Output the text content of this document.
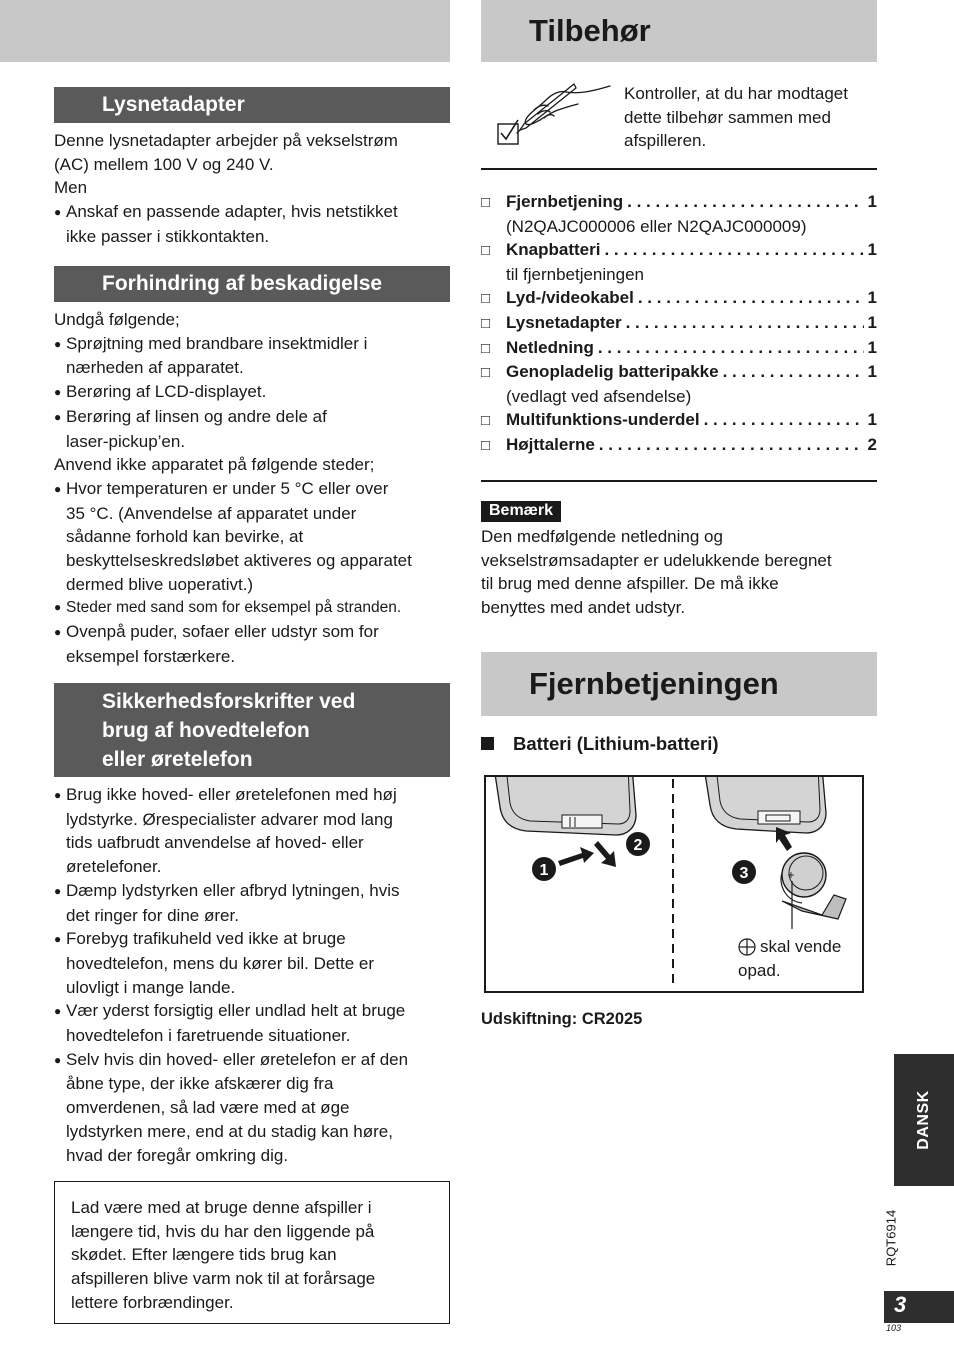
Tilbehør
Lysnetadapter
Denne lysnetadapter arbejder på vekselstrøm
(AC) mellem 100 V og 240 V.
Men
● Anskaf en passende adapter, hvis netstikket
ikke passer i stikkontakten.
Forhindring af beskadigelse
Undgå følgende;
● Sprøjtning med brandbare insektmidler i
nærheden af apparatet.
● Berøring af LCD-displayet.
● Berøring af linsen og andre dele af
laser-pickup’en.
Anvend ikke apparatet på følgende steder;
● Hvor temperaturen er under 5 °C eller over
35 °C. (Anvendelse af apparatet under
sådanne forhold kan bevirke, at
beskyttelseskredsløbet aktiveres og apparatet
dermed blive uoperativt.)
● Steder med sand som for eksempel på stranden.
● Ovenpå puder, sofaer eller udstyr som for
eksempel forstærkere.
Sikkerhedsforskrifter ved
brug af hovedtelefon
eller øretelefon
● Brug ikke hoved- eller øretelefonen med høj
lydstyrke. Ørespecialister advarer mod lang
tids uafbrudt anvendelse af hoved- eller
øretelefoner.
● Dæmp lydstyrken eller afbryd lytningen, hvis
det ringer for dine ører.
● Forebyg trafikuheld ved ikke at bruge
hovedtelefon, mens du kører bil. Dette er
ulovligt i mange lande.
● Vær yderst forsigtig eller undlad helt at bruge
hovedtelefon i faretruende situationer.
● Selv hvis din hoved- eller øretelefon er af den
åbne type, der ikke afskærer dig fra
omverdenen, så lad være med at øge
lydstyrken mere, end at du stadig kan høre,
hvad der foregår omkring dig.
Lad være med at bruge denne afspiller i
længere tid, hvis du har den liggende på
skødet. Efter længere tids brug kan
afspilleren blive varm nok til at forårsage
lettere forbrændinger.
Kontroller, at du har modtaget
dette tilbehør sammen med
afspilleren.
□ Fjernbetjening . . .	1
(N2QAJC000006 eller N2QAJC000009)
□ Knapbatteri . . .	1
til fjernbetjeningen
□ Lyd-/videokabel . . .	1
□ Lysnetadapter . . .	1
□ Netledning . . .	1
□ Genopladelig batteripakke . . .	1
(vedlagt ved afsendelse)
□ Multifunktions-underdel . . .	1
□ Højttalerne . . .	2
Bemærk
Den medfølgende netledning og
vekselstrømsadapter er udelukkende beregnet
til brug med denne afspiller. De må ikke
benyttes med andet udstyr.
Fjernbetjeningen
Batteri (Lithium-batteri)
1
2
3	+
skal vende
opad.
Udskiftning: CR2025
DANSK
RQT6914
3
103
